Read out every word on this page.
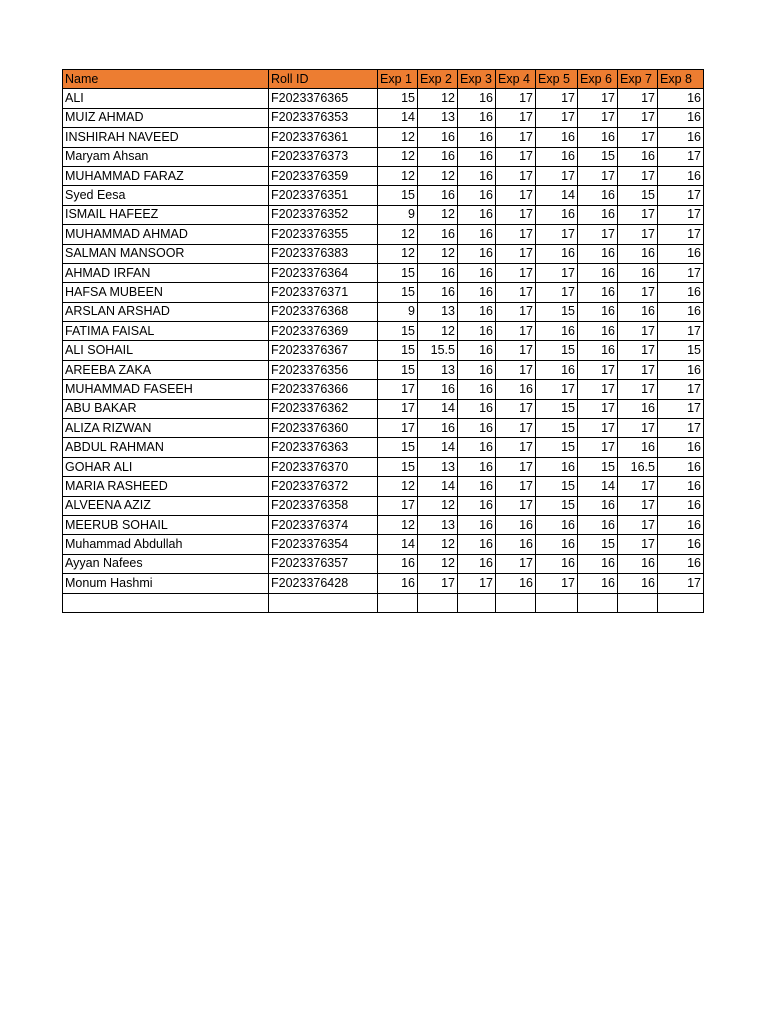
Name	Roll ID	Exp 1	Exp 2	Exp 3	Exp 4	Exp 5	Exp 6	Exp 7	Exp 8
ALI	F2023376365	15	12	16	17	17	17	17	16
MUIZ AHMAD	F2023376353	14	13	16	17	17	17	17	16
INSHIRAH NAVEED	F2023376361	12	16	16	17	16	16	17	16
Maryam Ahsan	F2023376373	12	16	16	17	16	15	16	17
MUHAMMAD FARAZ	F2023376359	12	12	16	17	17	17	17	16
Syed Eesa	F2023376351	15	16	16	17	14	16	15	17
ISMAIL HAFEEZ	F2023376352	9	12	16	17	16	16	17	17
MUHAMMAD AHMAD	F2023376355	12	16	16	17	17	17	17	17
SALMAN MANSOOR	F2023376383	12	12	16	17	16	16	16	16
AHMAD IRFAN	F2023376364	15	16	16	17	17	16	16	17
HAFSA MUBEEN	F2023376371	15	16	16	17	17	16	17	16
ARSLAN ARSHAD	F2023376368	9	13	16	17	15	16	16	16
FATIMA FAISAL	F2023376369	15	12	16	17	16	16	17	17
ALI SOHAIL	F2023376367	15	15.5	16	17	15	16	17	15
AREEBA ZAKA	F2023376356	15	13	16	17	16	17	17	16
MUHAMMAD FASEEH	F2023376366	17	16	16	16	17	17	17	17
ABU BAKAR	F2023376362	17	14	16	17	15	17	16	17
ALIZA RIZWAN	F2023376360	17	16	16	17	15	17	17	17
ABDUL RAHMAN	F2023376363	15	14	16	17	15	17	16	16
GOHAR ALI	F2023376370	15	13	16	17	16	15	16.5	16
MARIA RASHEED	F2023376372	12	14	16	17	15	14	17	16
ALVEENA AZIZ	F2023376358	17	12	16	17	15	16	17	16
MEERUB SOHAIL	F2023376374	12	13	16	16	16	16	17	16
Muhammad Abdullah	F2023376354	14	12	16	16	16	15	17	16
Ayyan Nafees	F2023376357	16	12	16	17	16	16	16	16
Monum Hashmi	F2023376428	16	17	17	16	17	16	16	17
